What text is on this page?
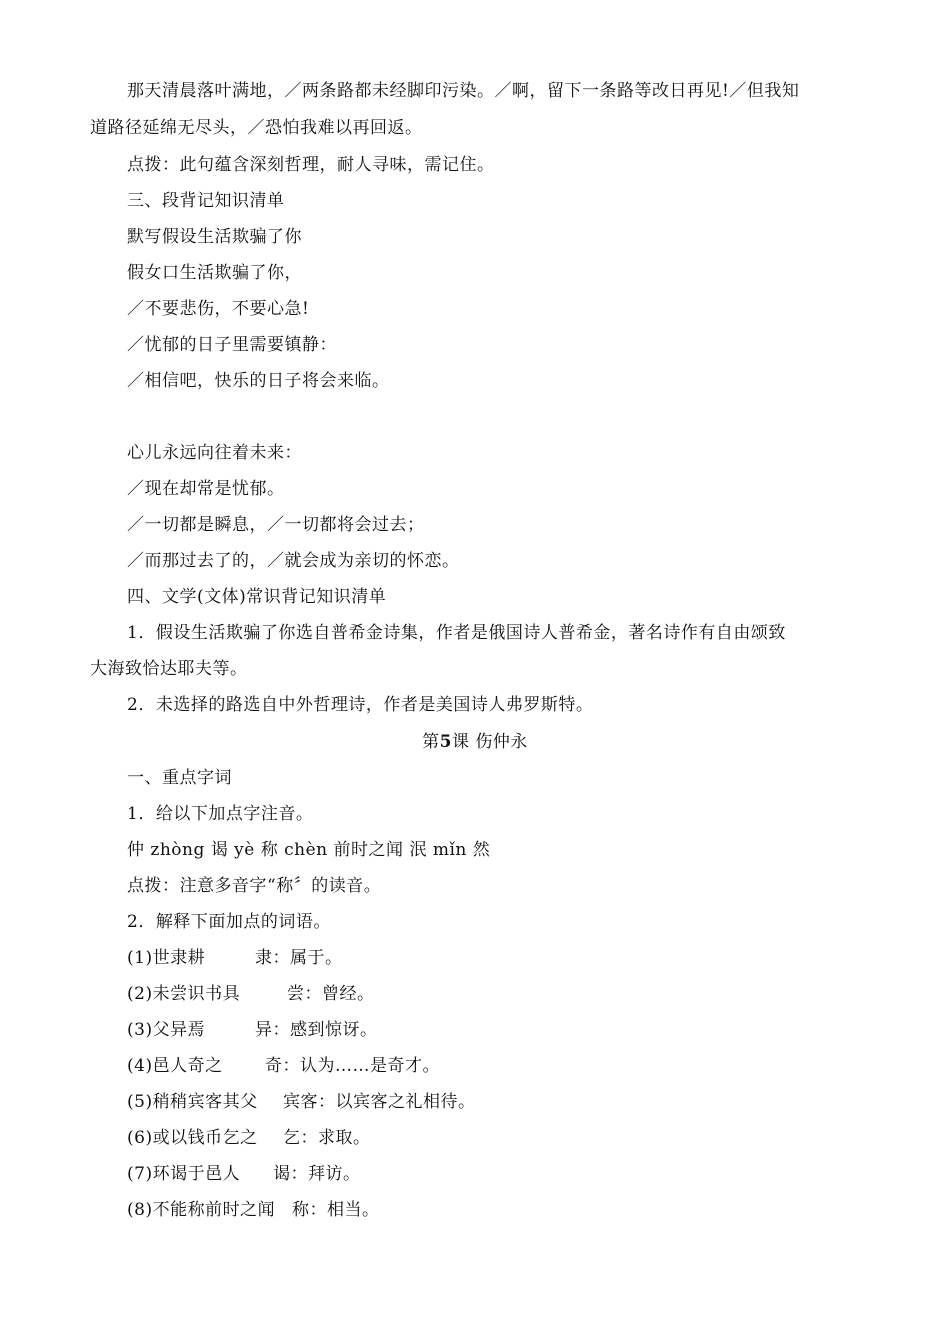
那天清晨落叶满地，／两条路都未经脚印污染。／啊，留下一条路等改日再见!／但我知
道路径延绵无尽头，／恐怕我难以再回返。
点拨：此句蕴含深刻哲理，耐人寻味，需记住。
三、段背记知识清单
默写假设生活欺骗了你
假女口生活欺骗了你，
／不要悲伤，不要心急!
／忧郁的日子里需要镇静：
／相信吧，快乐的日子将会来临。
心儿永远向往着未来：
／现在却常是忧郁。
／一切都是瞬息，／一切都将会过去；
／而那过去了的，／就会成为亲切的怀恋。
四、文学(文体)常识背记知识清单
1．假设生活欺骗了你选自普希金诗集，作者是俄国诗人普希金，著名诗作有自由颂致
大海致恰达耶夫等。
2．未选择的路选自中外哲理诗，作者是美国诗人弗罗斯特。
第5课 伤仲永
一、重点字词
1．给以下加点字注音。
仲 zhòng 谒 yè 称 chèn 前时之闻 泯 mǐn 然
点拨：注意多音字“称〞的读音。
2．解释下面加点的词语。
(1)世隶耕	隶：属于。
(2)未尝识书具	尝：曾经。
(3)父异焉	异：感到惊讶。
(4)邑人奇之 奇：认为……是奇才。
(5)稍稍宾客其父 宾客：以宾客之礼相待。
(6)或以钱币乞之 乞：求取。
(7)环谒于邑人 谒：拜访。
(8)不能称前时之闻 称：相当。
